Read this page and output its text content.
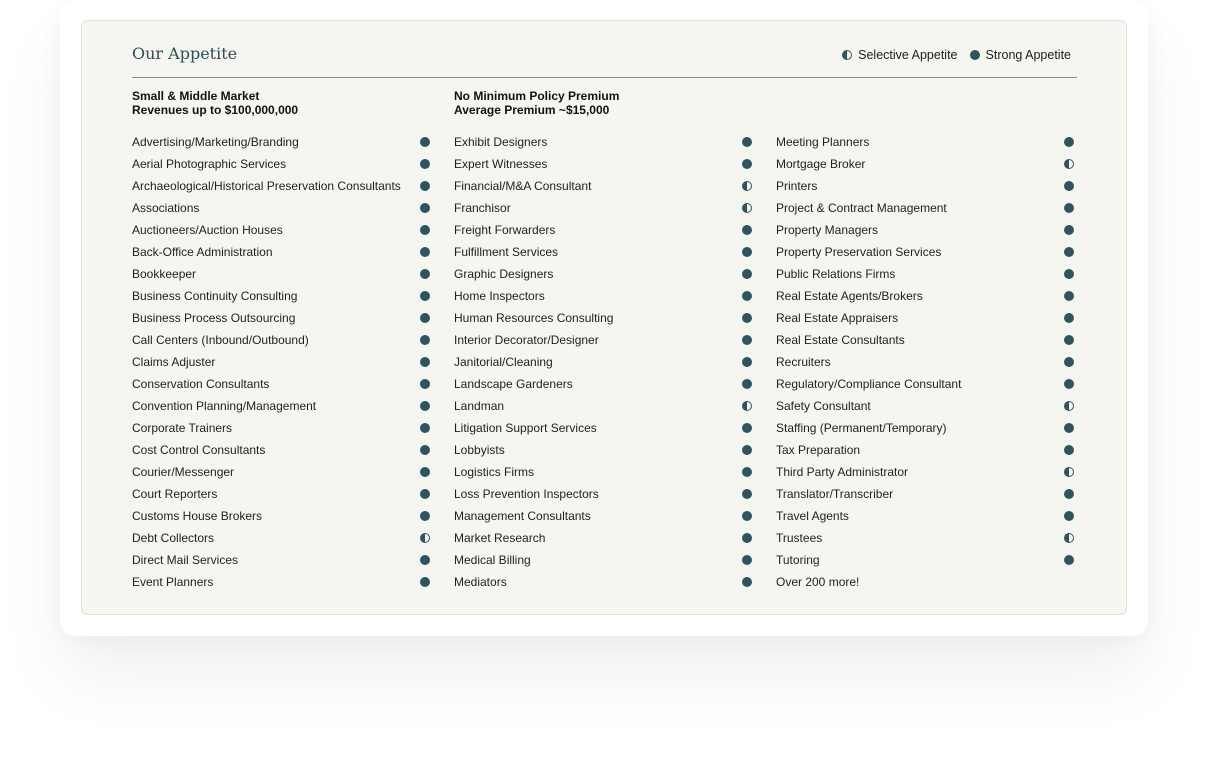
Our Appetite	Selective Appetite Strong Appetite
Small & Middle Market
Revenues up to $100,000,000
Advertising/Marketing/Branding
Aerial Photographic Services
Archaeological/Historical Preservation Consultants
Associations
Auctioneers/Auction Houses
Back-Office Administration
Bookkeeper
Business Continuity Consulting
Business Process Outsourcing
Call Centers (Inbound/Outbound)
Claims Adjuster
Conservation Consultants
Convention Planning/Management
Corporate Trainers
Cost Control Consultants
Courier/Messenger
Court Reporters
Customs House Brokers
Debt Collectors
Direct Mail Services
Event Planners
No Minimum Policy Premium
Average Premium ~$15,000
Exhibit Designers
Expert Witnesses
Financial/M&A Consultant
Franchisor
Freight Forwarders
Fulfillment Services
Graphic Designers
Home Inspectors
Human Resources Consulting
Interior Decorator/Designer
Janitorial/Cleaning
Landscape Gardeners
Landman
Litigation Support Services
Lobbyists
Logistics Firms
Loss Prevention Inspectors
Management Consultants
Market Research
Medical Billing
Mediators
Meeting Planners
Mortgage Broker
Printers
Project & Contract Management
Property Managers
Property Preservation Services
Public Relations Firms
Real Estate Agents/Brokers
Real Estate Appraisers
Real Estate Consultants
Recruiters
Regulatory/Compliance Consultant
Safety Consultant
Staffing (Permanent/Temporary)
Tax Preparation
Third Party Administrator
Translator/Transcriber
Travel Agents
Trustees
Tutoring
Over 200 more!
